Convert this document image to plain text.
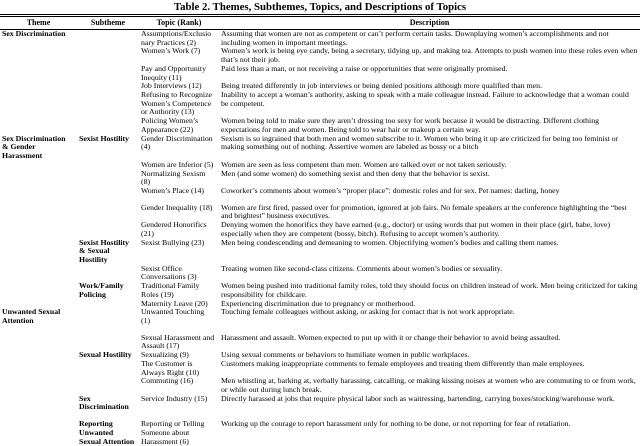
Table 2. Themes, Subthemes, Topics, and Descriptions of Topics
Theme	Subtheme	Topic (Rank)	Description
Sex Discrimination		Assumptions/Exclusionary Practices (2)	Assuming that women are not as competent or can’t perform certain tasks. Downplaying women’s accomplishments and not including women in important meetings.
		Women’s Work (7)	Women’s work is being eye candy, being a secretary, tidying up, and making tea. Attempts to push women into these roles even when that’s not their job.
		Pay and Opportunity Inequity (11)	Paid less than a man, or not receiving a raise or opportunities that were originally promised.
		Job Interviews (12)	Being treated differently in job interviews or being denied positions although more qualified than men.
		Refusing to Recognize Women’s Competence or Authority (13)	Inability to accept a woman’s authority, asking to speak with a male colleague instead. Failure to acknowledge that a woman could be competent.
		Policing Women’s Appearance (22)	Women being told to make sure they aren’t dressing too sexy for work because it would be distracting. Different clothing expectations for men and women. Being told to wear hair or makeup a certain way.
Sex Discrimination & Gender Harassment	Sexist Hostility	Gender Discrimination (4)	Sexism is so ingrained that both men and women subscribe to it. Women who bring it up are criticized for being too feminist or making something out of nothing. Assertive women are labeled as bossy or a bitch
		Women are Inferior (5)	Women are seen as less competent than men. Women are talked over or not taken seriously.
		Normalizing Sexism (8)	Men (and some women) do something sexist and then deny that the behavior is sexist.
		Women’s Place (14)	Coworker’s comments about women’s “proper place”: domestic roles and for sex. Pet names: darling, honey
		Gender Inequality (18)	Women are first fired, passed over for promotion, ignored at job fairs. No female speakers at the conference highlighting the “best and brightest” business executives.
		Gendered Honorifics (21)	Denying women the honorifics they have earned (e.g., doctor) or using words that put women in their place (girl, babe, love) especially when they are competent (bossy, bitch). Refusing to accept women’s authority.
	Sexist Hostility & Sexual Hostility	Sexist Bullying (23)	Men being condescending and demeaning to women. Objectifying women’s bodies and calling them names.
		Sexist Office Conversations (3)	Treating women like second-class citizens. Comments about women’s bodies or sexuality.
	Work/Family Policing	Traditional Family Roles (19)	Women being pushed into traditional family roles, told they should focus on children instead of work. Men being criticized for taking responsibility for childcare.
		Maternity Leave (20)	Experiencing discrimination due to pregnancy or motherhood.
Unwanted Sexual Attention		Unwanted Touching (1)	Touching female colleagues without asking, or asking for contact that is not work appropriate.
		Sexual Harassment and Assault (17)	Harassment and assault. Women expected to put up with it or change their behavior to avoid being assaulted.
	Sexual Hostility	Sexualizing (9)	Using sexual comments or behaviors to humiliate women in public workplaces.
		The Customer is Always Right (10)	Customers making inappropriate comments to female employees and treating them differently than male employees.
		Commuting (16)	Men whistling at, barking at, verbally harassing, catcalling, or making kissing noises at women who are commuting to or from work, or while out during lunch break.
	Sex Discrimination	Service Industry (15)	Directly harassed at jobs that require physical labor such as waitressing, bartending, carrying boxes/stocking/warehouse work.
	Reporting Unwanted Sexual Attention	Reporting or Telling Someone about Harassment (6)	Working up the courage to report harassment only for nothing to be done, or not reporting for fear of retaliation.
